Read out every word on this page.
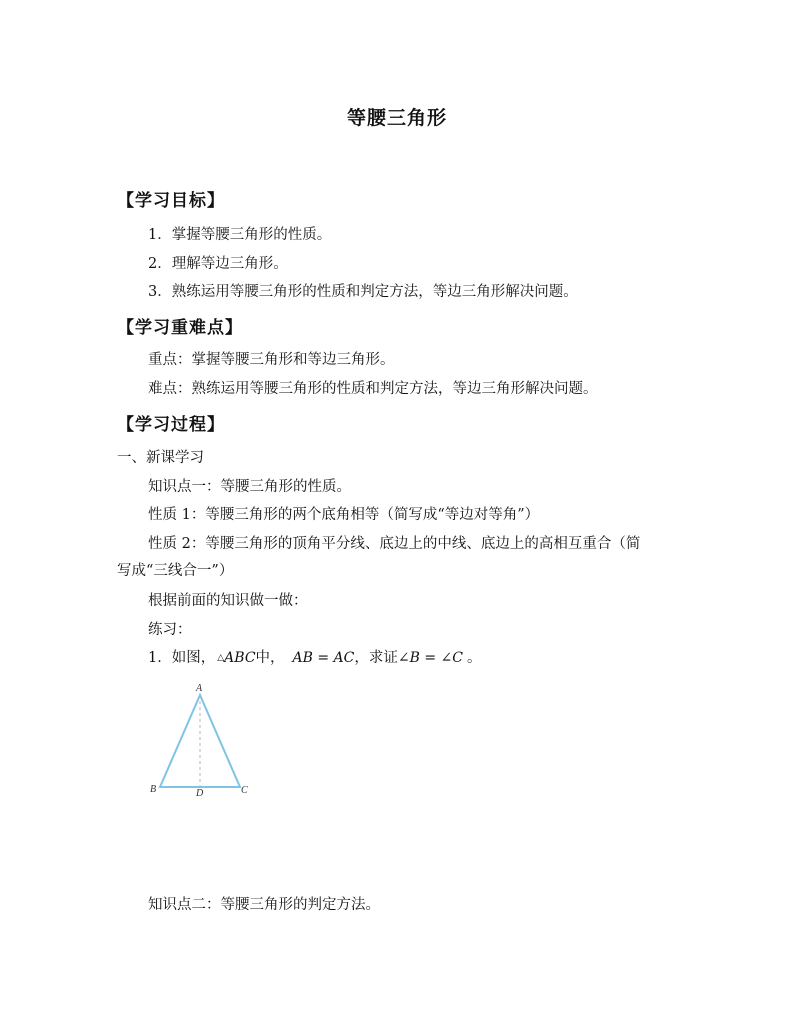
等腰三角形
【学习目标】
1．掌握等腰三角形的性质。
2．理解等边三角形。
3．熟练运用等腰三角形的性质和判定方法，等边三角形解决问题。
【学习重难点】
重点：掌握等腰三角形和等边三角形。
难点：熟练运用等腰三角形的性质和判定方法，等边三角形解决问题。
【学习过程】
一、新课学习
知识点一：等腰三角形的性质。
性质 1：等腰三角形的两个底角相等（简写成“等边对等角”）
性质 2：等腰三角形的顶角平分线、底边上的中线、底边上的高相互重合（简
写成“三线合一”）
根据前面的知识做一做：
练习：
1．如图， △ABC中， AB = AC，求证∠B = ∠C 。
A
B	C
D
知识点二：等腰三角形的判定方法。
